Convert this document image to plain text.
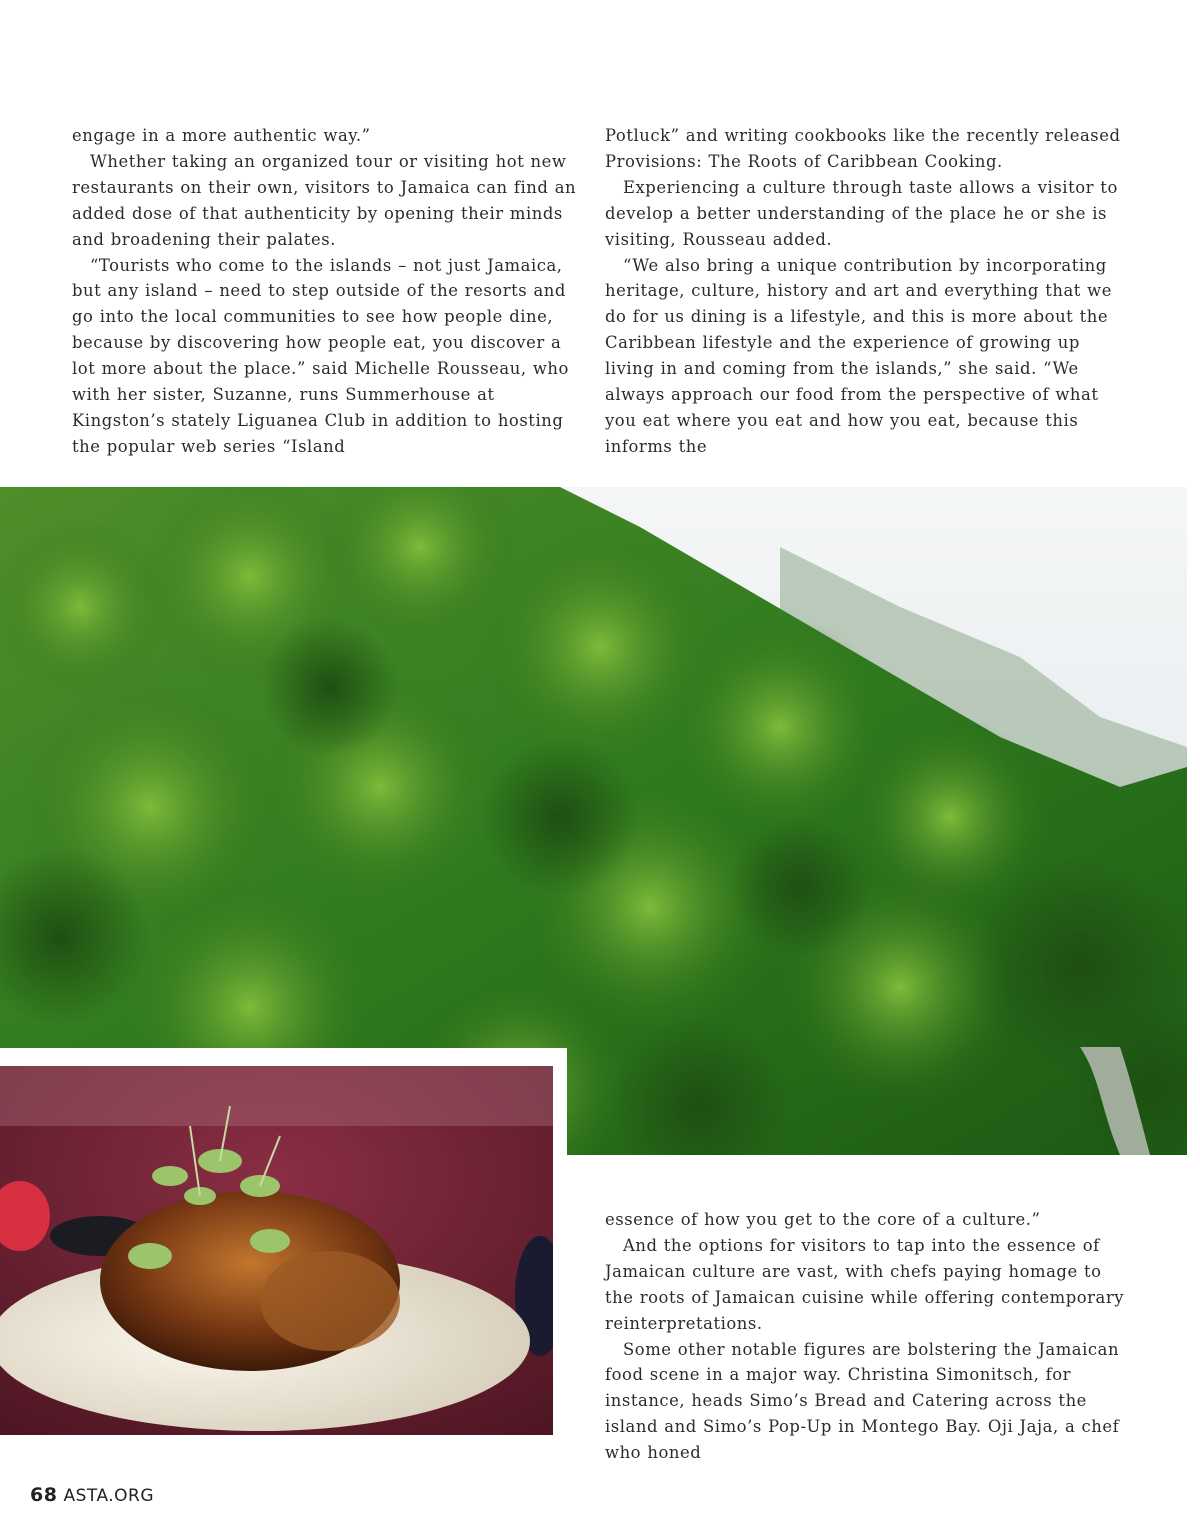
engage in a more authentic way.”

Whether taking an organized tour or visiting hot new restaurants on their own, visitors to Jamaica can find an added dose of that authenticity by opening their minds and broadening their palates.

“Tourists who come to the islands – not just Jamaica, but any island – need to step outside of the resorts and go into the local communities to see how people dine, because by discovering how people eat, you discover a lot more about the place.” said Michelle Rousseau, who with her sister, Suzanne, runs Summerhouse at Kingston’s stately Liguanea Club in addition to hosting the popular web series “Island

Potluck” and writing cookbooks like the recently released Provisions: The Roots of Caribbean Cooking.

Experiencing a culture through taste allows a visitor to develop a better understanding of the place he or she is visiting, Rousseau added.

“We also bring a unique contribution by incorporating heritage, culture, history and art and everything that we do for us dining is a lifestyle, and this is more about the Caribbean lifestyle and the experience of growing up living in and coming from the islands,” she said. “We always approach our food from the perspective of what you eat where you eat and how you eat, because this informs the

essence of how you get to the core of a culture.”

And the options for visitors to tap into the essence of Jamaican culture are vast, with chefs paying homage to the roots of Jamaican cuisine while offering contemporary reinterpretations.

Some other notable figures are bolstering the Jamaican food scene in a major way. Christina Simonitsch, for instance, heads Simo’s Bread and Catering across the island and Simo’s Pop-Up in Montego Bay. Oji Jaja, a chef who honed

68 ASTA.ORG
